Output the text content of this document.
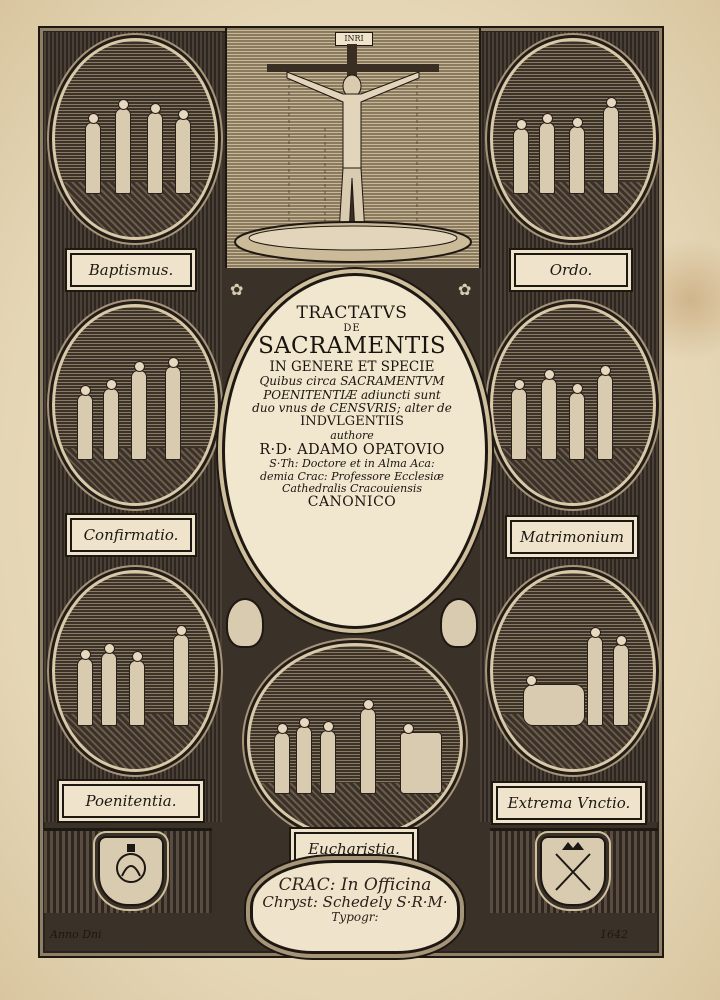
INRI
Baptismus.
Confirmatio.
Poenitentia.
Ordo.
Matrimonium
Extrema Vnctio.
✿	✿
TRACTATVS
DE
SACRAMENTIS
IN GENERE ET SPECIE
Quibus circa SACRAMENTVM
POENITENTIÆ adiuncti sunt
duo vnus de CENSVRIS; alter de
INDVLGENTIIS
authore
R·D· ADAMO OPATOVIO
S·Th: Doctore et in Alma Aca:
demia Crac: Professore Ecclesiæ
Cathedralis Cracouiensis
CANONICO
Eucharistia.
CRAC: In Officina
Chryst: Schedely S·R·M·
Typogr:
Anno Dni	1642
